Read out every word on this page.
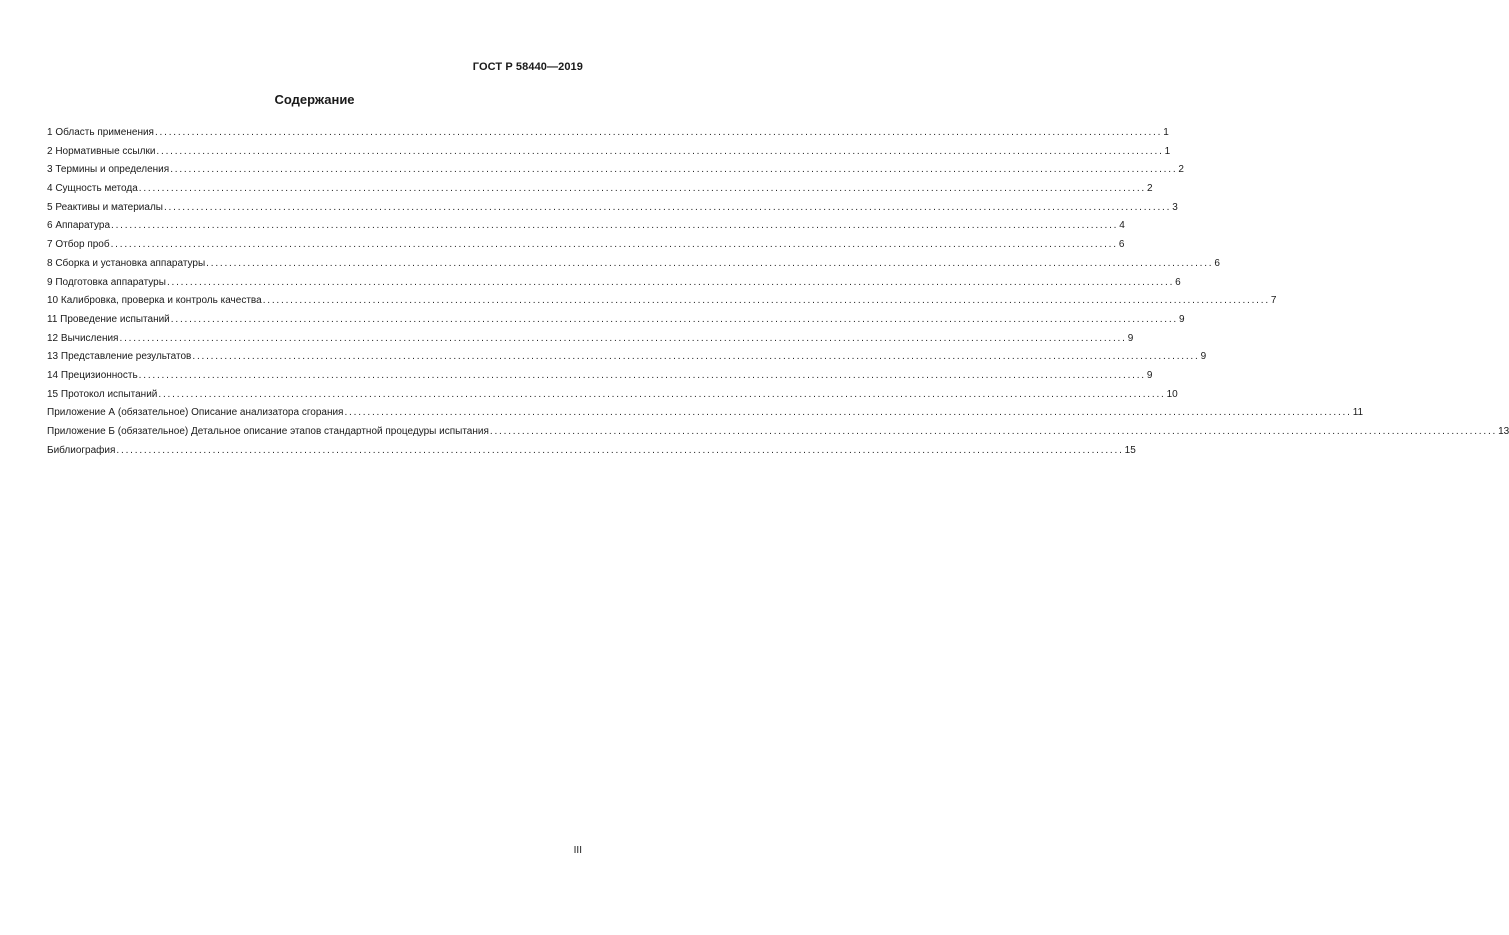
ГОСТ Р 58440—2019
Содержание
1 Область применения ............................................................................................................................................................................................................................ 1
2 Нормативные ссылки ............................................................................................................................................................................................................................ 1
3 Термины и определения ............................................................................................................................................................................................................................ 2
4 Сущность метода ............................................................................................................................................................................................................................ 2
5 Реактивы и материалы ............................................................................................................................................................................................................................ 3
6 Аппаратура ............................................................................................................................................................................................................................ 4
7 Отбор проб ............................................................................................................................................................................................................................ 6
8 Сборка и установка аппаратуры ............................................................................................................................................................................................................................ 6
9 Подготовка аппаратуры ............................................................................................................................................................................................................................ 6
10 Калибровка, проверка и контроль качества ............................................................................................................................................................................................................................ 7
11 Проведение испытаний ............................................................................................................................................................................................................................ 9
12 Вычисления ............................................................................................................................................................................................................................ 9
13 Представление результатов ............................................................................................................................................................................................................................ 9
14 Прецизионность ............................................................................................................................................................................................................................ 9
15 Протокол испытаний ............................................................................................................................................................................................................................ 10
Приложение А (обязательное) Описание анализатора сгорания ............................................................................................................................................................................................................................ 11
Приложение Б (обязательное) Детальное описание этапов стандартной процедуры испытания ............................................................................................................................................................................................................................ 13
Библиография ............................................................................................................................................................................................................................ 15
III
